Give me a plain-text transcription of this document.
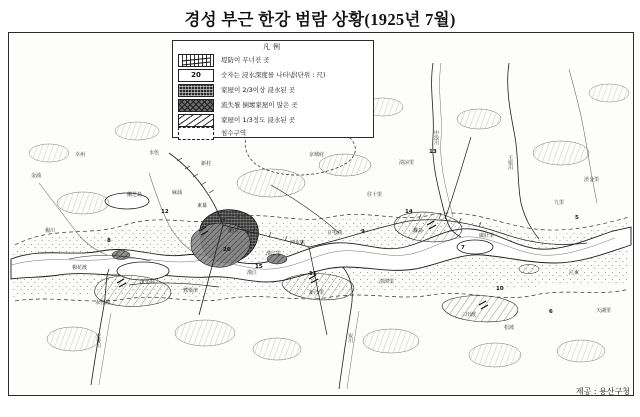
경성 부근 한강 범람 상황(1925년 7월)
凡例
堤防이 무너진 곳
20	숫자는 浸水深度를 나타냄(단위 : 尺)
家屋이 2/3이상 浸水된 곳
流失될 倒壞家屋이 많은 곳
家屋이 1/3정도 浸水된 곳
침수구역
楊花渡
永登浦
汝矣島
鷺梁津
龍山
東幕
麻浦
西氷庫
豆毛浦
漢江里
新沙里
淸潭里
纛島
往十里
淸凉里
京城府
三田渡
松坡
廣壯里
九里
渼金里
江東
天湖里
蘭芝島
楊川
金浦
幸州	水色
新村
漢江
中浪川
安養川	炭川
王宿川
8
12
20
15
11
9
14
7
10
6
13
5
제공 : 용산구청
